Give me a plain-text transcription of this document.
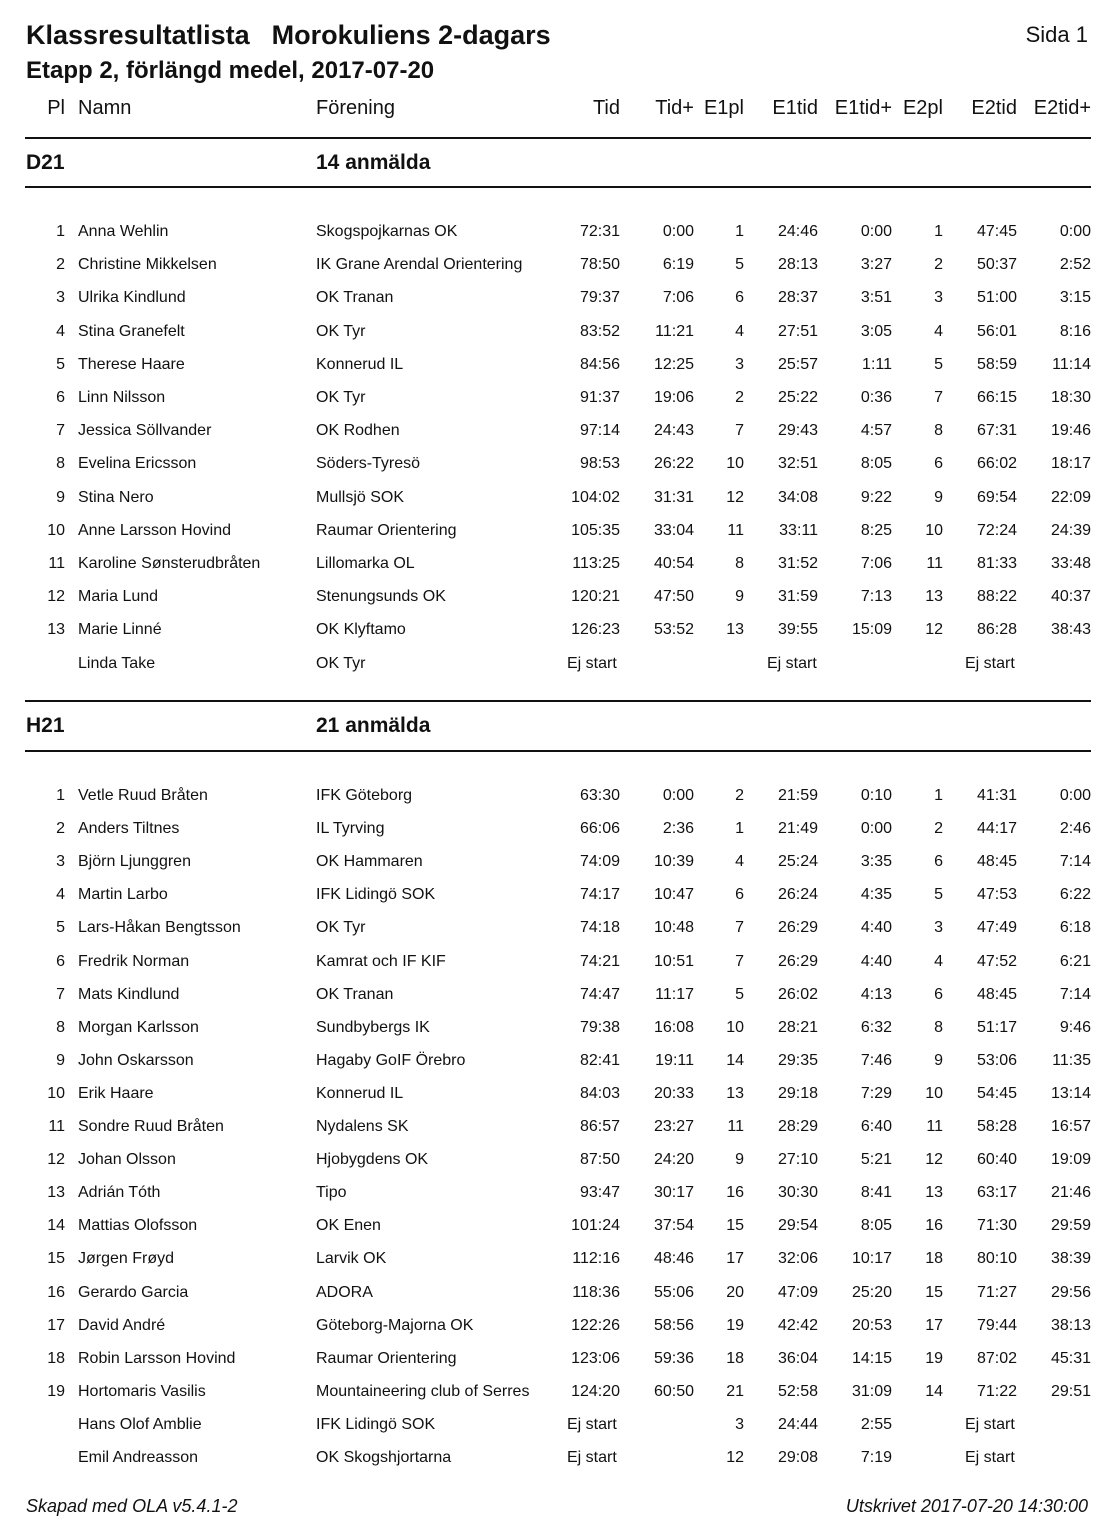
Klassresultatlista Morokuliens 2-dagars
Etapp 2, förlängd medel, 2017-07-20
Sida 1
Pl Namn	Förening	Tid Tid+ E1pl E1tid E1tid+ E2pl E2tid E2tid+
D21	14 anmälda
1 Anna Wehlin	Skogspojkarnas OK	72:31	0:00	1 24:46	0:00	1 47:45	0:00
2 Christine Mikkelsen	IK Grane Arendal Orientering	78:50	6:19	5 28:13	3:27	2 50:37	2:52
3 Ulrika Kindlund	OK Tranan	79:37	7:06	6 28:37	3:51	3 51:00	3:15
4 Stina Granefelt	OK Tyr	83:52 11:21	4 27:51	3:05	4 56:01	8:16
5 Therese Haare	Konnerud IL	84:56 12:25	3 25:57	1:11	5 58:59 11:14
6 Linn Nilsson	OK Tyr	91:37 19:06	2 25:22	0:36	7 66:15 18:30
7 Jessica Söllvander	OK Rodhen	97:14 24:43	7 29:43	4:57	8 67:31 19:46
8 Evelina Ericsson	Söders-Tyresö	98:53 26:22 10 32:51	8:05	6 66:02 18:17
9 Stina Nero	Mullsjö SOK	104:02 31:31 12 34:08	9:22	9 69:54 22:09
10 Anne Larsson Hovind	Raumar Orientering	105:35 33:04 11 33:11	8:25 10 72:24 24:39
11 Karoline Sønsterudbråten	Lillomarka OL	113:25 40:54	8 31:52	7:06 11 81:33 33:48
12 Maria Lund	Stenungsunds OK	120:21 47:50	9 31:59	7:13 13 88:22 40:37
13 Marie Linné	OK Klyftamo	126:23 53:52 13 39:55 15:09 12 86:28 38:43
Linda Take	OK Tyr	Ej start	Ej start	Ej start
H21	21 anmälda
1 Vetle Ruud Bråten	IFK Göteborg	63:30	0:00	2 21:59	0:10	1 41:31	0:00
2 Anders Tiltnes	IL Tyrving	66:06	2:36	1 21:49	0:00	2 44:17	2:46
3 Björn Ljunggren	OK Hammaren	74:09 10:39	4 25:24	3:35	6 48:45	7:14
4 Martin Larbo	IFK Lidingö SOK	74:17 10:47	6 26:24	4:35	5 47:53	6:22
5 Lars-Håkan Bengtsson	OK Tyr	74:18 10:48	7 26:29	4:40	3 47:49	6:18
6 Fredrik Norman	Kamrat och IF KIF	74:21 10:51	7 26:29	4:40	4 47:52	6:21
7 Mats Kindlund	OK Tranan	74:47 11:17	5 26:02	4:13	6 48:45	7:14
8 Morgan Karlsson	Sundbybergs IK	79:38 16:08 10 28:21	6:32	8 51:17	9:46
9 John Oskarsson	Hagaby GoIF Örebro	82:41 19:11 14 29:35	7:46	9 53:06 11:35
10 Erik Haare	Konnerud IL	84:03 20:33 13 29:18	7:29 10 54:45 13:14
11 Sondre Ruud Bråten	Nydalens SK	86:57 23:27 11 28:29	6:40 11 58:28 16:57
12 Johan Olsson	Hjobygdens OK	87:50 24:20	9 27:10	5:21 12 60:40 19:09
13 Adrián Tóth	Tipo	93:47 30:17 16 30:30	8:41 13 63:17 21:46
14 Mattias Olofsson	OK Enen	101:24 37:54 15 29:54	8:05 16 71:30 29:59
15 Jørgen Frøyd	Larvik OK	112:16 48:46 17 32:06 10:17 18 80:10 38:39
16 Gerardo Garcia	ADORA	118:36 55:06 20 47:09 25:20 15 71:27 29:56
17 David André	Göteborg-Majorna OK	122:26 58:56 19 42:42 20:53 17 79:44 38:13
18 Robin Larsson Hovind	Raumar Orientering	123:06 59:36 18 36:04 14:15 19 87:02 45:31
19 Hortomaris Vasilis	Mountaineering club of Serres	124:20 60:50 21 52:58 31:09 14 71:22 29:51
Hans Olof Amblie	IFK Lidingö SOK	Ej start	3 24:44	2:55	Ej start
Emil Andreasson	OK Skogshjortarna	Ej start	12 29:08	7:19	Ej start
Skapad med OLA v5.4.1-2	Utskrivet 2017-07-20 14:30:00
